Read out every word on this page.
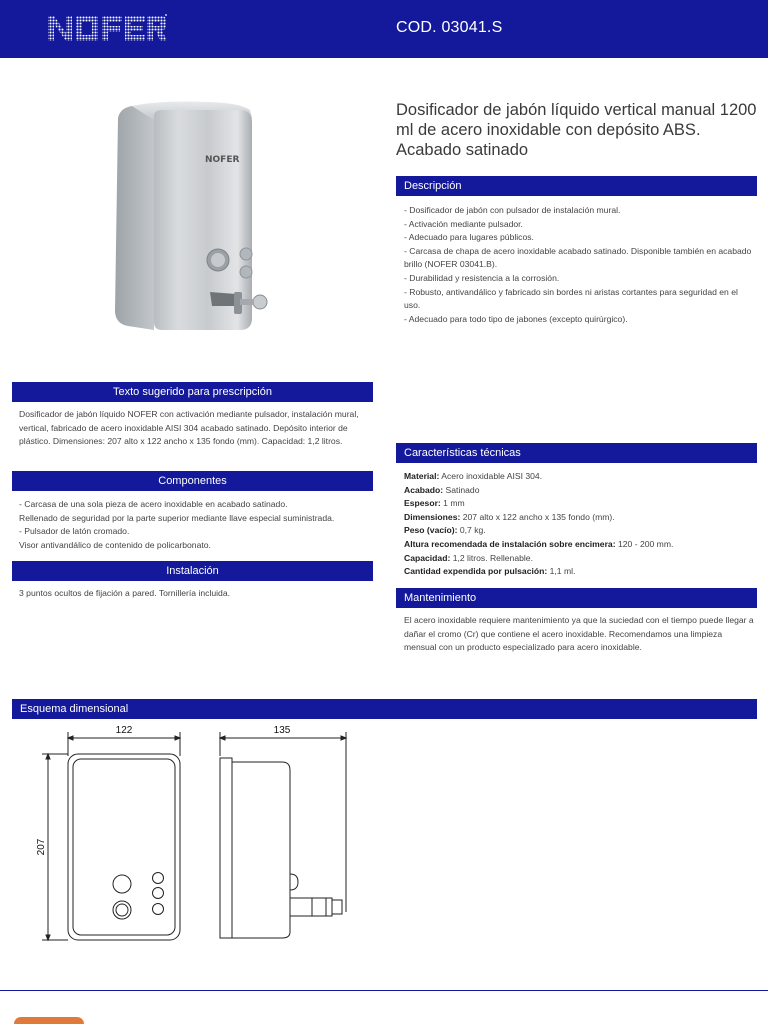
COD. 03041.S
NOFER
Dosificador de jabón líquido vertical manual 1200 ml de acero inoxidable con depósito ABS. Acabado satinado
Descripción

- Dosificador de jabón con pulsador de instalación mural.

- Activación mediante pulsador.

- Adecuado para lugares públicos.

- Carcasa de chapa de acero inoxidable acabado satinado. Disponible también en acabado brillo (NOFER 03041.B).

- Durabilidad y resistencia a la corrosión.

- Robusto, antivandálico y fabricado sin bordes ni aristas cortantes para seguridad en el uso.

- Adecuado para todo tipo de jabones (excepto quirúrgico).

Texto sugerido para prescripción
Dosificador de jabón líquido NOFER con activación mediante pulsador, instalación mural, vertical, fabricado de acero inoxidable AISI 304 acabado satinado. Depósito interior de plástico. Dimensiones: 207 alto x 122 ancho x 135 fondo (mm). Capacidad: 1,2 litros.
Componentes

- Carcasa de una sola pieza de acero inoxidable en acabado satinado.

Rellenado de seguridad por la parte superior mediante llave especial suministrada.

- Pulsador de latón cromado.

Visor antivandálico de contenido de policarbonato.

Instalación
3 puntos ocultos de fijación a pared. Tornillería incluida.
Características técnicas

Material: Acero inoxidable AISI 304.

Acabado: Satinado

Espesor: 1 mm

Dimensiones: 207 alto x 122 ancho x 135 fondo (mm).

Peso (vacío): 0,7 kg.

Altura recomendada de instalación sobre encimera: 120 - 200 mm.

Capacidad: 1,2 litros. Rellenable.

Cantidad expendida por pulsación: 1,1 ml.

Mantenimiento
El acero inoxidable requiere mantenimiento ya que la suciedad con el tiempo puede llegar a dañar el cromo (Cr) que contiene el acero inoxidable. Recomendamos una limpieza mensual con un producto especializado para acero inoxidable.
Esquema dimensional
122	135
207
